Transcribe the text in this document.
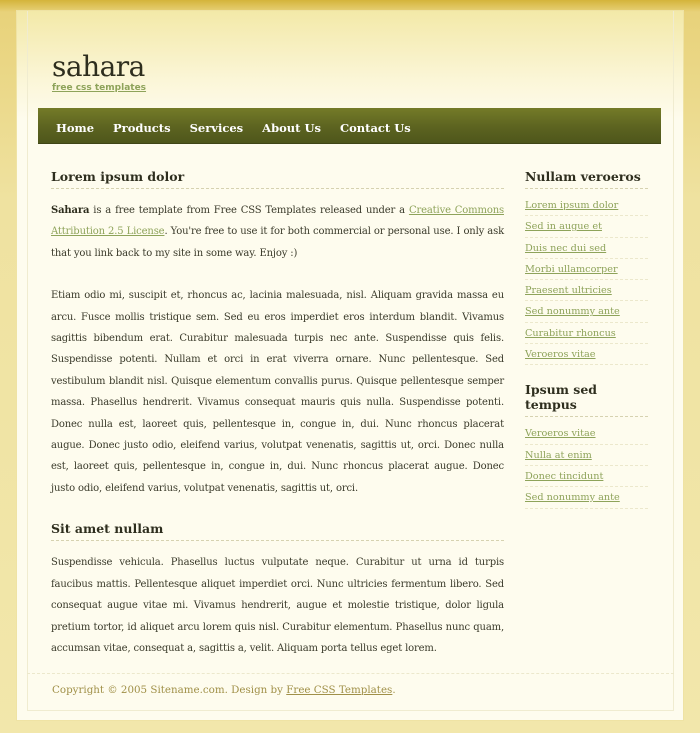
sahara
free css templates
Home Products Services About Us Contact Us
Lorem ipsum dolor

Sahara is a free template from Free CSS Templates released under a Creative Commons Attribution 2.5 License. You're free to use it for both commercial or personal use. I only ask that you link back to my site in some way. Enjoy :)

Etiam odio mi, suscipit et, rhoncus ac, lacinia malesuada, nisl. Aliquam gravida massa eu arcu. Fusce mollis tristique sem. Sed eu eros imperdiet eros interdum blandit. Vivamus sagittis bibendum erat. Curabitur malesuada turpis nec ante. Suspendisse quis felis. Suspendisse potenti. Nullam et orci in erat viverra ornare. Nunc pellentesque. Sed vestibulum blandit nisl. Quisque elementum convallis purus. Quisque pellentesque semper massa. Phasellus hendrerit. Vivamus consequat mauris quis nulla. Suspendisse potenti. Donec nulla est, laoreet quis, pellentesque in, congue in, dui. Nunc rhoncus placerat augue. Donec justo odio, eleifend varius, volutpat venenatis, sagittis ut, orci. Donec nulla est, laoreet quis, pellentesque in, congue in, dui. Nunc rhoncus placerat augue. Donec justo odio, eleifend varius, volutpat venenatis, sagittis ut, orci.

Sit amet nullam

Suspendisse vehicula. Phasellus luctus vulputate neque. Curabitur ut urna id turpis faucibus mattis. Pellentesque aliquet imperdiet orci. Nunc ultricies fermentum libero. Sed consequat augue vitae mi. Vivamus hendrerit, augue et molestie tristique, dolor ligula pretium tortor, id aliquet arcu lorem quis nisl. Curabitur elementum. Phasellus nunc quam, accumsan vitae, consequat a, sagittis a, velit. Aliquam porta tellus eget lorem.

Nullam veroeros
Lorem ipsum dolor
Sed in augue et
Duis nec dui sed
Morbi ullamcorper
Praesent ultricies
Sed nonummy ante
Curabitur rhoncus
Veroeros vitae
Ipsum sed tempus
Veroeros vitae
Nulla at enim
Donec tincidunt
Sed nonummy ante
Copyright © 2005 Sitename.com. Design by Free CSS Templates.
